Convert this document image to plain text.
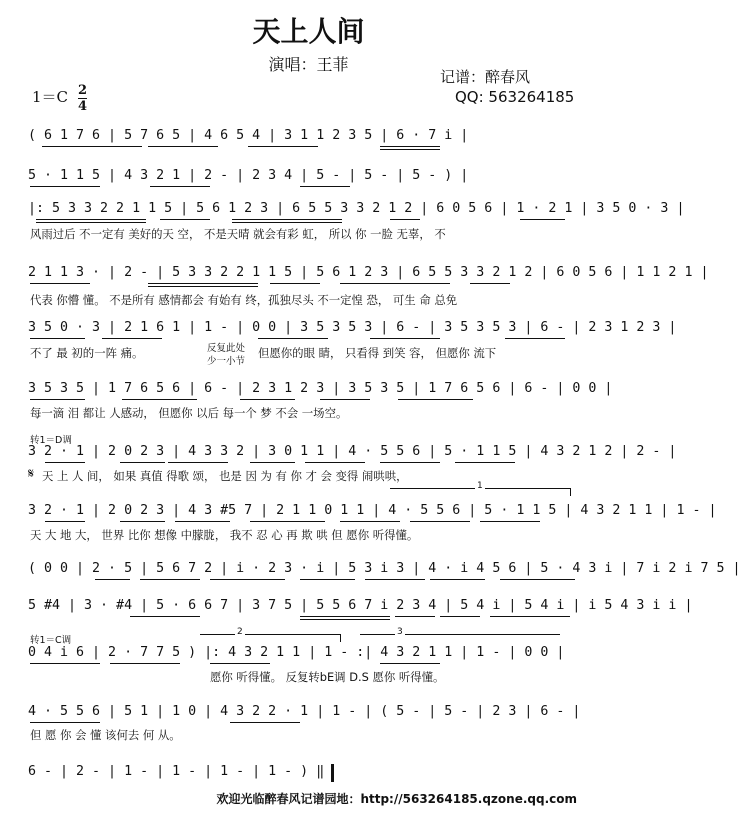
天上人间
演唱：王菲
记谱：醉春风
QQ: 563264185
$1=C \frac{2}{4}$
( 6 1 7 6 | 5 7 6 5 | 4 6 5 4 | 3 1 1 2 3 5 | 6 · 7 i |
5 · 1 1 5 | 4 3 2 1 | 2 - | 2 3 4 | 5 - | 5 - | 5 - ) |
|: 5 3 3 2 2 1 1 5 | 5 6 1 2 3 | 6 5 5 3 3 2 1 2 | 6 0 5 6 | 1 · 2 1 | 3 5 0 · 3 |
风雨过后 不一定有 美好的天 空， 不是天晴 就会有彩 虹， 所以 你 一脸 无辜， 不
2 1 1 3 · | 2 - | 5 3 3 2 2 1 1 5 | 5 6 1 2 3 | 6 5 5 3 3 2 1 2 | 6 0 5 6 | 1 1 2 1 |
代表 你懵 懂。 不是所有 感情都会 有始有 终，孤独尽头 不一定惶 恐， 可生 命 总免
3 5 0 · 3 | 2 1 6 1 | 1 - | 0 0 | 3 5 3 5 3 | 6 - | 3 5 3 5 3 | 6 - | 2 3 1 2 3 |
不了 最 初的一阵 痛。	反复此处
少一小节
但愿你的眼 睛， 只看得 到笑 容， 但愿你 流下
3 5 3 5 | 1 7 6 5 6 | 6 - | 2 3 1 2 3 | 3 5 3 5 | 1 7 6 5 6 | 6 - | 0 0 |
每一滴 泪 都让 人感动， 但愿你 以后 每一个 梦 不会 一场空。
转1＝D调
3 2 · 1 | 2 0 2 3 | 4 3 3 2 | 3 0 1 1 | 4 · 5 5 6 | 5 · 1 1 5 | 4 3 2 1 2 | 2 - |
𝄋 天 上 人 间， 如果 真值 得歌 颂， 也是 因 为 有 你 才 会 变得 闹哄哄，
1
3 2 · 1 | 2 0 2 3 | 4 3 #5 7 | 2 1 1 0 1 1 | 4 · 5 5 6 | 5 · 1 1 5 | 4 3 2 1 1 | 1 - |
天 大 地 大， 世界 比你 想像 中朦胧， 我不 忍 心 再 欺 哄 但 愿你 听得懂。
( 0 0 | 2 · 5 | 5 6 7 2 | i · 2 3 · i | 5 3 i 3 | 4 · i 4 5 6 | 5 · 4 3 i | 7 i 2 i 7 5 |
5 #4 | 3 · #4 | 5 · 6 6 7 | 3 7 5 | 5 5 6 7 i 2 3 4 | 5 4 i | 5 4 i | i 5 4 3 i i |
转1＝C调
2	3
0 4 i 6 | 2 · 7 7 5 ) |: 4 3 2 1 1 | 1 - :| 4 3 2 1 1 | 1 - | 0 0 |
愿你 听得懂。 反复转bE调 D.S 愿你 听得懂。
4 · 5 5 6 | 5 1 | 1 0 | 4 3 2 2 · 1 | 1 - | ( 5 - | 5 - | 2 3 | 6 - |
但 愿 你 会 懂 该何去 何 从。
6 - | 2 - | 1 - | 1 - | 1 - | 1 - ) ‖
欢迎光临醉春风记谱园地：http://563264185.qzone.qq.com
